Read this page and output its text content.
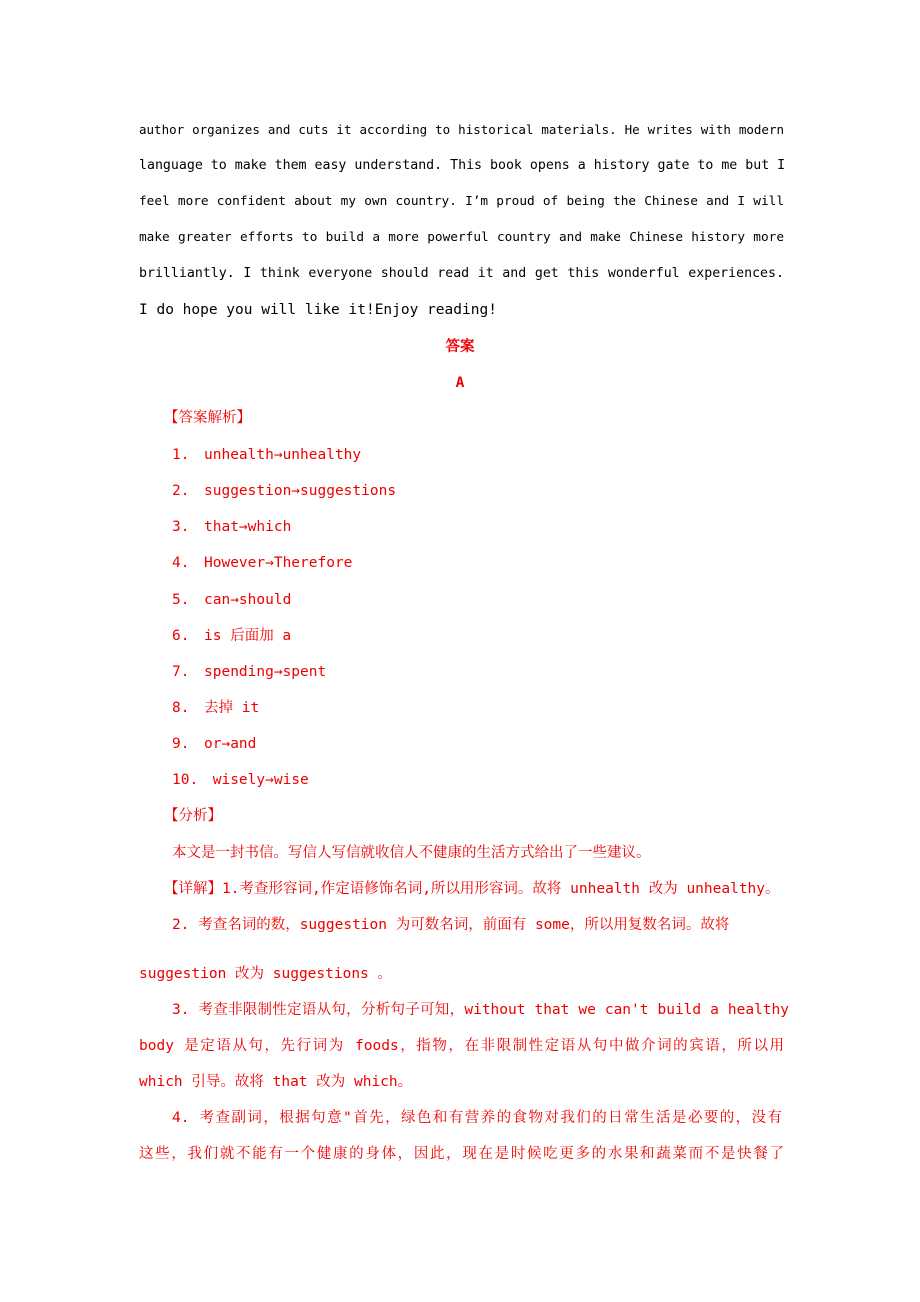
author organizes and cuts it according to historical materials. He writes with modern
language to make them easy understand. This book opens a history gate to me but I
feel more confident about my own country. I’m proud of being the Chinese and I will
make greater efforts to build a more powerful country and make Chinese history more
brilliantly. I think everyone should read it and get this wonderful experiences.
I do hope you will like it!Enjoy reading!
答案
A
【答案解析】
1. unhealth→unhealthy
2. suggestion→suggestions
3. that→which
4. However→Therefore
5. can→should
6. is 后面加 a
7. spending→spent
8. 去掉 it
9. or→and
10. wisely→wise
【分析】
本文是一封书信。写信人写信就收信人不健康的生活方式给出了一些建议。
【详解】1.考查形容词,作定语修饰名词,所以用形容词。故将 unhealth 改为 unhealthy。
2. 考查名词的数，suggestion 为可数名词，前面有 some，所以用复数名词。故将
suggestion 改为 suggestions 。
3. 考查非限制性定语从句，分析句子可知，without that we can't build a healthy
body 是定语从句，先行词为 foods，指物，在非限制性定语从句中做介词的宾语，所以用
which 引导。故将 that 改为 which。
4. 考查副词，根据句意"首先，绿色和有营养的食物对我们的日常生活是必要的，没有
这些，我们就不能有一个健康的身体，因此，现在是时候吃更多的水果和蔬菜而不是快餐了
